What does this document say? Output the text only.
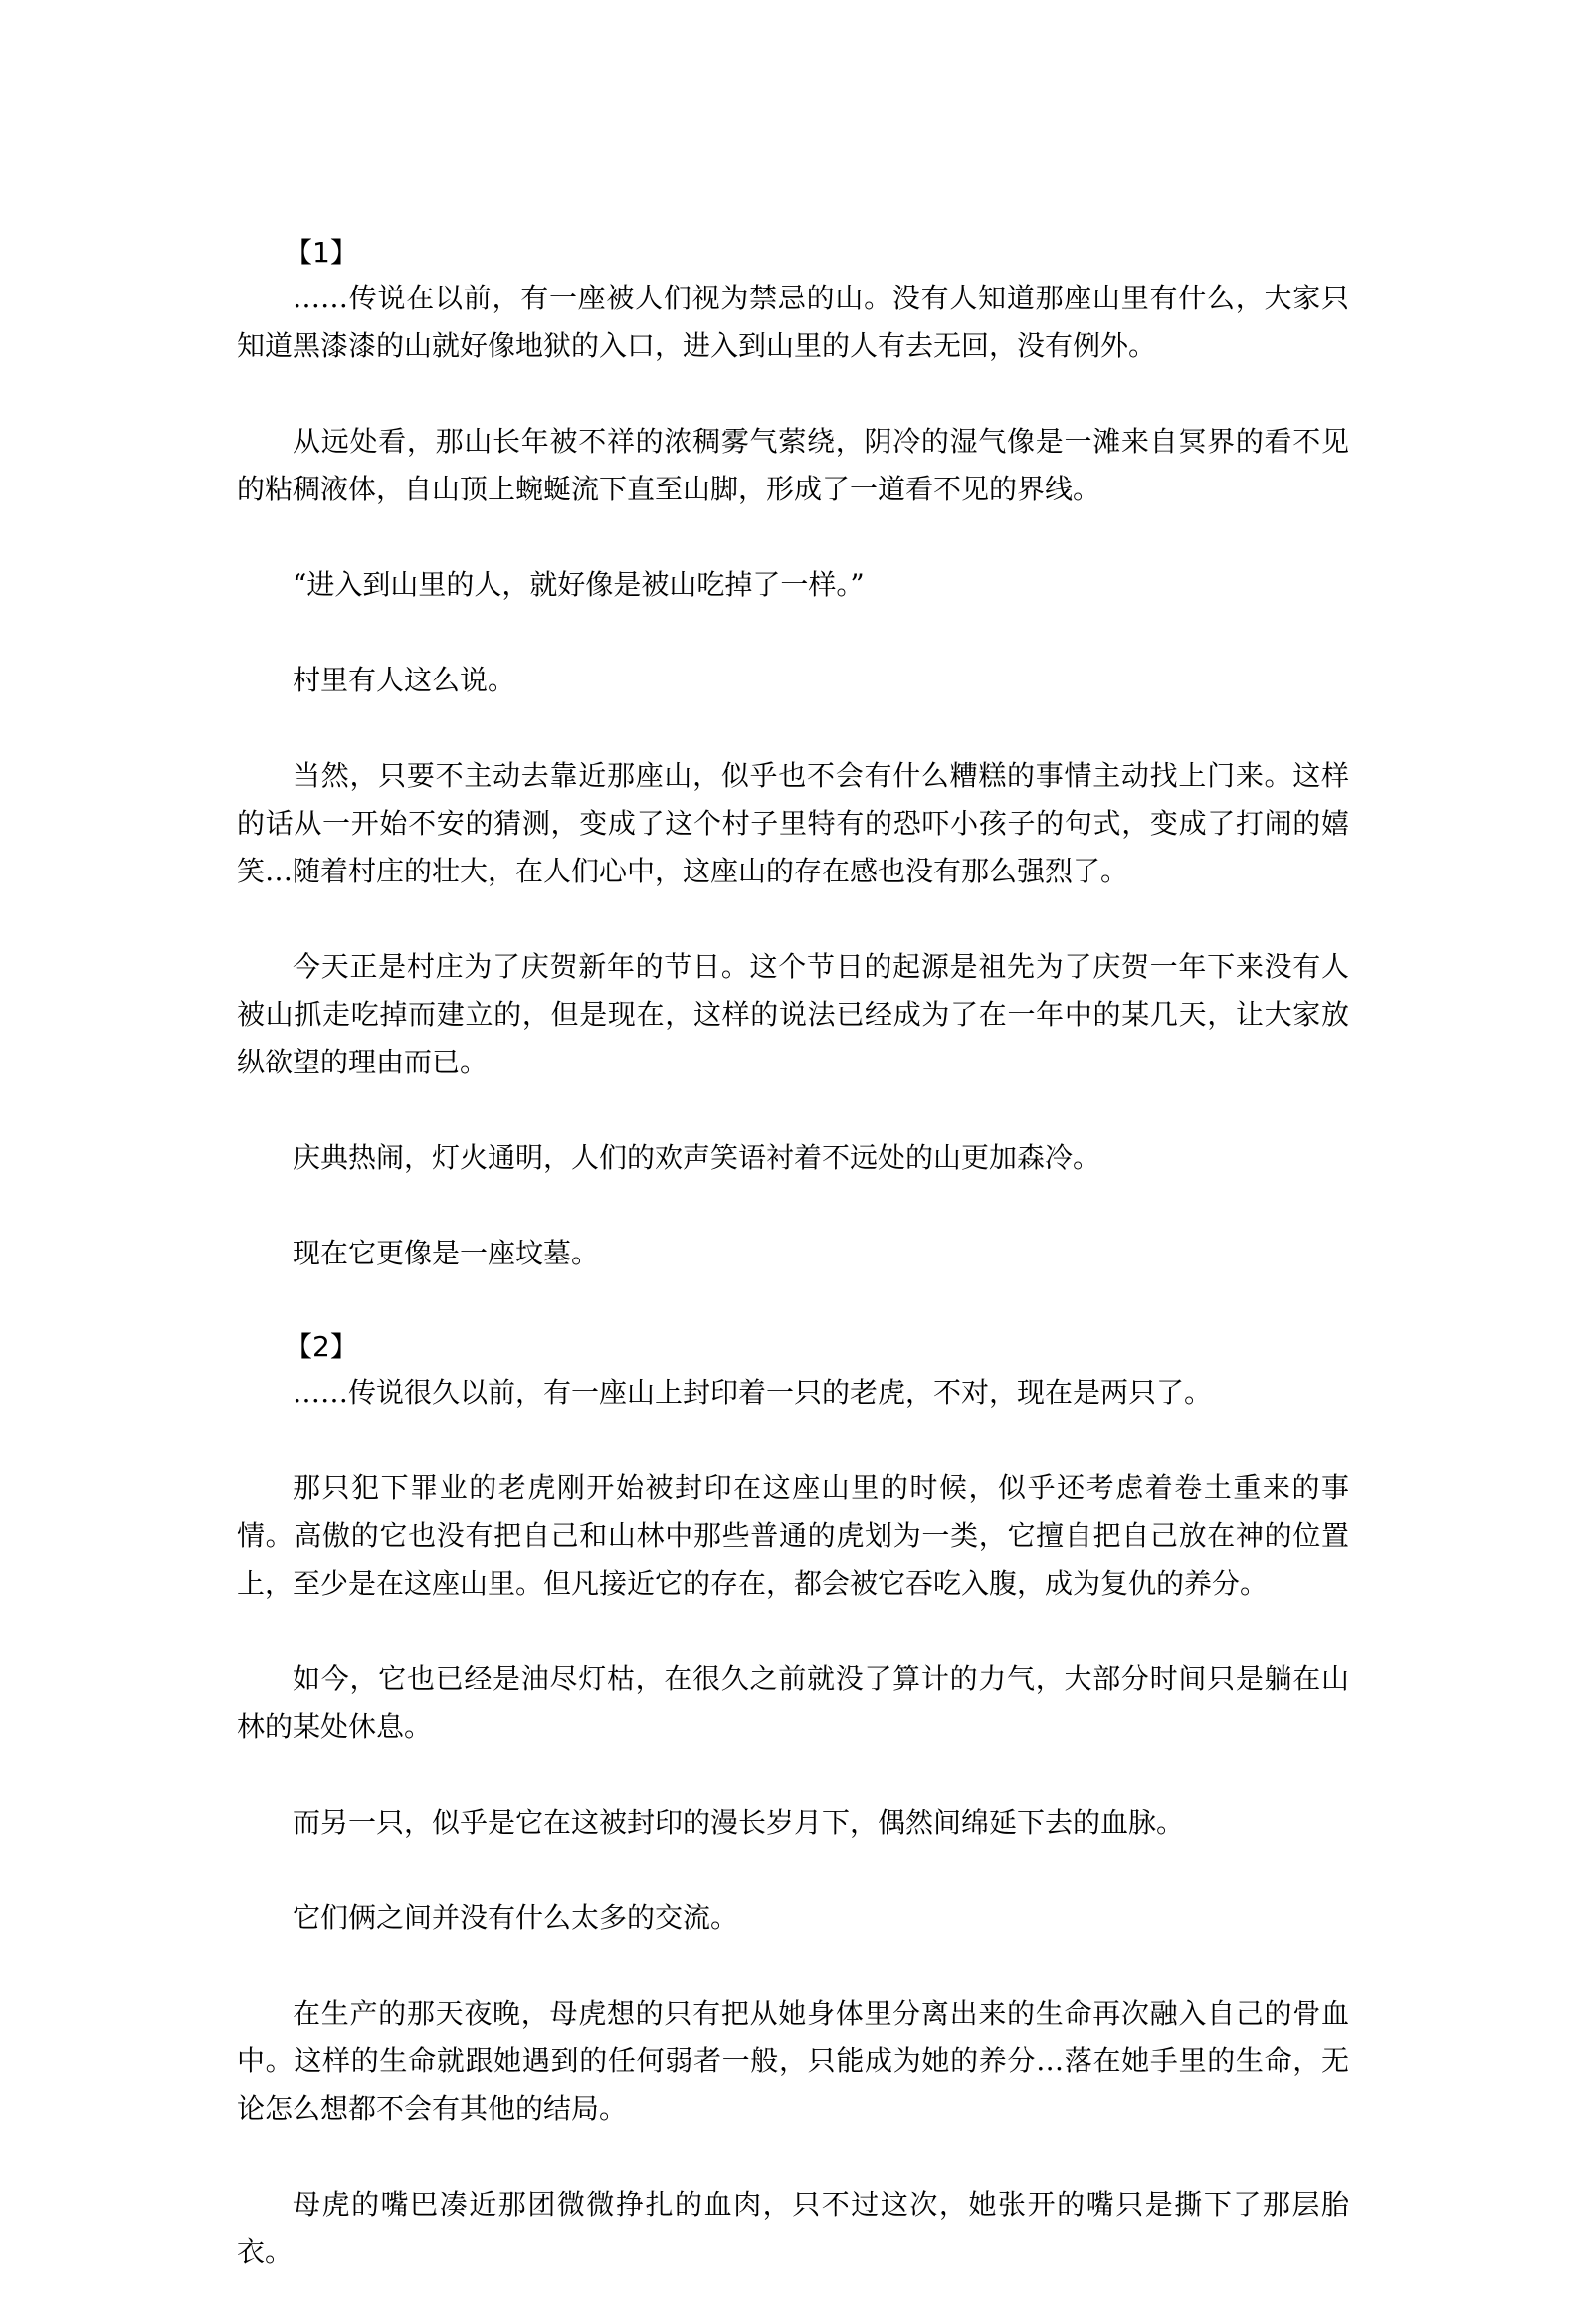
【1】

……传说在以前，有一座被人们视为禁忌的山。没有人知道那座山里有什么，大家只知道黑漆漆的山就好像地狱的入口，进入到山里的人有去无回，没有例外。

从远处看，那山长年被不祥的浓稠雾气萦绕，阴冷的湿气像是一滩来自冥界的看不见的粘稠液体，自山顶上蜿蜒流下直至山脚，形成了一道看不见的界线。

“进入到山里的人，就好像是被山吃掉了一样。”

村里有人这么说。

当然，只要不主动去靠近那座山，似乎也不会有什么糟糕的事情主动找上门来。这样的话从一开始不安的猜测，变成了这个村子里特有的恐吓小孩子的句式，变成了打闹的嬉笑…随着村庄的壮大，在人们心中，这座山的存在感也没有那么强烈了。

今天正是村庄为了庆贺新年的节日。这个节日的起源是祖先为了庆贺一年下来没有人被山抓走吃掉而建立的，但是现在，这样的说法已经成为了在一年中的某几天，让大家放纵欲望的理由而已。

庆典热闹，灯火通明，人们的欢声笑语衬着不远处的山更加森冷。

现在它更像是一座坟墓。

【2】

……传说很久以前，有一座山上封印着一只的老虎，不对，现在是两只了。

那只犯下罪业的老虎刚开始被封印在这座山里的时候，似乎还考虑着卷土重来的事情。高傲的它也没有把自己和山林中那些普通的虎划为一类，它擅自把自己放在神的位置上，至少是在这座山里。但凡接近它的存在，都会被它吞吃入腹，成为复仇的养分。

如今，它也已经是油尽灯枯，在很久之前就没了算计的力气，大部分时间只是躺在山林的某处休息。

而另一只，似乎是它在这被封印的漫长岁月下，偶然间绵延下去的血脉。

它们俩之间并没有什么太多的交流。

在生产的那天夜晚，母虎想的只有把从她身体里分离出来的生命再次融入自己的骨血中。这样的生命就跟她遇到的任何弱者一般，只能成为她的养分…落在她手里的生命，无论怎么想都不会有其他的结局。

母虎的嘴巴凑近那团微微挣扎的血肉，只不过这次，她张开的嘴只是撕下了那层胎衣。
